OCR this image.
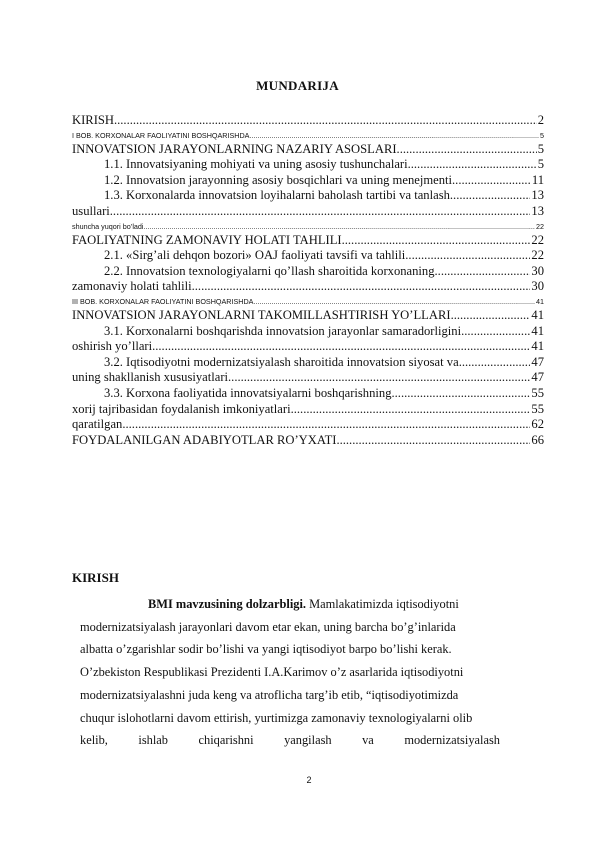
MUNDARIJA
KIRISH .....	2
I BOB. KORXONALAR FAOLIYATINI BOSHQARISHDA .....	5
INNOVATSION JARAYONLARNING NAZARIY ASOSLARI .....	5
1.1. Innovatsiyaning mohiyati va uning asosiy tushunchalari .....	5
1.2. Innovatsion jarayonning asosiy bosqichlari va uning menejmenti .....	11
1.3. Korxonalarda innovatsion loyihalarni baholash tartibi va tanlash .....	13
usullari .....	13
shuncha yuqori bo’ladi .....	22
FAOLIYATNING ZAMONAVIY HOLATI TAHLILI .....	22
2.1. «Sirg’ali dehqon bozori» OAJ faoliyati tavsifi va tahlili .....	22
2.2. Innovatsion texnologiyalarni qo’llash sharoitida korxonaning .....	30
zamonaviy holati tahlili .....	30
III BOB. KORXONALAR FAOLIYATINI BOSHQARISHDA .....	41
INNOVATSION JARAYONLARNI TAKOMILLASHTIRISH YO’LLARI .....	41
3.1. Korxonalarni boshqarishda innovatsion jarayonlar samaradorligini .....	41
oshirish yo’llari .....	41
3.2. Iqtisodiyotni modernizatsiyalash sharoitida innovatsion siyosat va .....	47
uning shakllanish xususiyatlari .....	47
3.3. Korxona faoliyatida innovatsiyalarni boshqarishning .....	55
xorij tajribasidan foydalanish imkoniyatlari .....	55
qaratilgan .....	62
FOYDALANILGAN ADABIYOTLAR RO’YXATI .....	66
KIRISH

BMI mavzusining dolzarbligi. Mamlakatimizda iqtisodiyotni

modernizatsiyalash jarayonlari davom etar ekan, uning barcha bo’g’inlarida

albatta o’zgarishlar sodir bo’lishi va yangi iqtisodiyot barpo bo’lishi kerak.

O’zbekiston Respublikasi Prezidenti I.A.Karimov o’z asarlarida iqtisodiyotni

modernizatsiyalashni juda keng va atroflicha targ’ib etib, “iqtisodiyotimizda

chuqur islohotlarni davom ettirish, yurtimizga zamonaviy texnologiyalarni olib

kelib, ishlab chiqarishni yangilash va modernizatsiyalash

2
